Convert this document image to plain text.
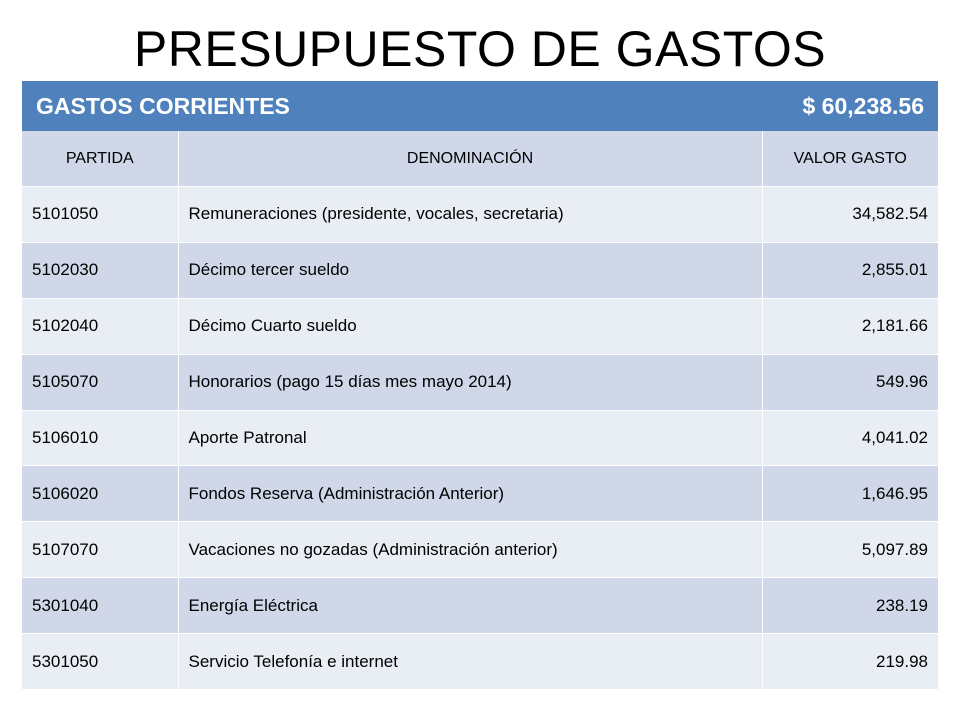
PRESUPUESTO DE GASTOS
GASTOS CORRIENTES		$ 60,238.56
PARTIDA	DENOMINACIÓN	VALOR GASTO
5101050	Remuneraciones (presidente, vocales, secretaria)	34,582.54
5102030	Décimo tercer sueldo	2,855.01
5102040	Décimo Cuarto sueldo	2,181.66
5105070	Honorarios (pago 15 días mes mayo 2014)	549.96
5106010	Aporte Patronal	4,041.02
5106020	Fondos Reserva (Administración Anterior)	1,646.95
5107070	Vacaciones no gozadas (Administración anterior)	5,097.89
5301040	Energía Eléctrica	238.19
5301050	Servicio Telefonía e internet	219.98
